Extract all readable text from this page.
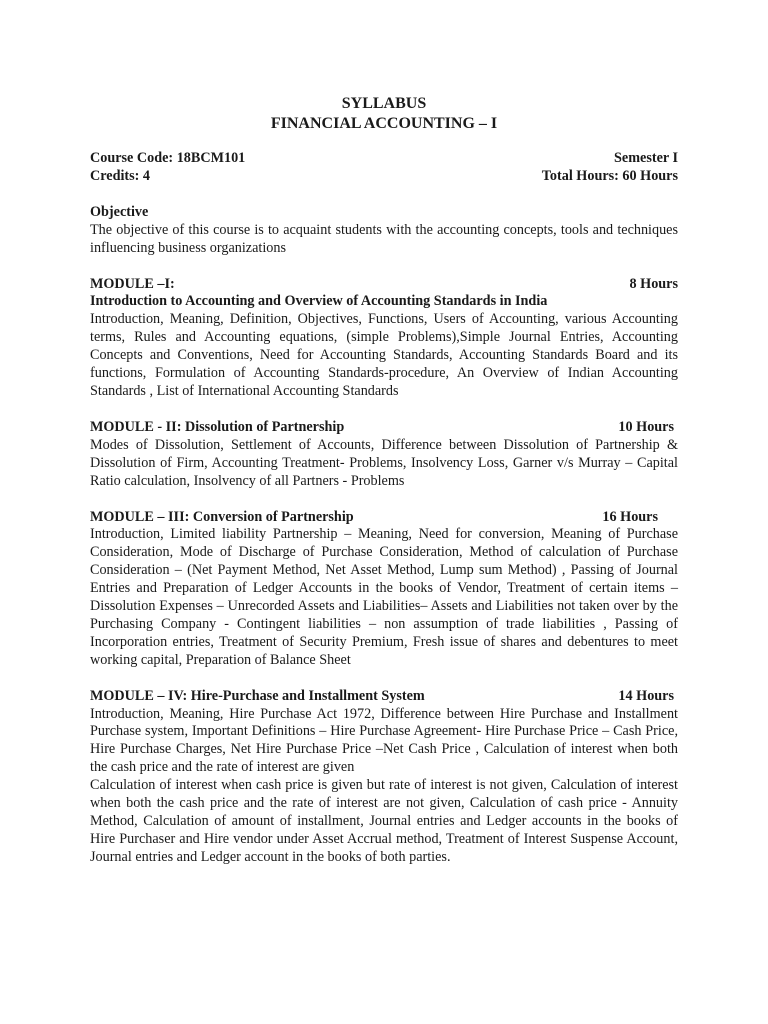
SYLLABUS

FINANCIAL ACCOUNTING – I

Course Code: 18BCM101	Semester I
Credits: 4	Total Hours: 60 Hours

Objective

The objective of this course is to acquaint students with the accounting concepts, tools and techniques influencing business organizations

MODULE –I:	8 Hours

Introduction to Accounting and Overview of Accounting Standards in India

Introduction, Meaning, Definition, Objectives, Functions, Users of Accounting, various Accounting terms, Rules and Accounting equations, (simple Problems),Simple Journal Entries, Accounting Concepts and Conventions, Need for Accounting Standards, Accounting Standards Board and its functions, Formulation of Accounting Standards-procedure, An Overview of Indian Accounting Standards , List of International Accounting Standards

MODULE - II: Dissolution of Partnership	10 Hours

Modes of Dissolution, Settlement of Accounts, Difference between Dissolution of Partnership & Dissolution of Firm, Accounting Treatment- Problems, Insolvency Loss, Garner v/s Murray – Capital Ratio calculation, Insolvency of all Partners - Problems

MODULE – III: Conversion of Partnership	16 Hours

Introduction, Limited liability Partnership – Meaning, Need for conversion, Meaning of Purchase Consideration, Mode of Discharge of Purchase Consideration, Method of calculation of Purchase Consideration – (Net Payment Method, Net Asset Method, Lump sum Method) , Passing of Journal Entries and Preparation of Ledger Accounts in the books of Vendor, Treatment of certain items – Dissolution Expenses – Unrecorded Assets and Liabilities– Assets and Liabilities not taken over by the Purchasing Company - Contingent liabilities – non assumption of trade liabilities , Passing of Incorporation entries, Treatment of Security Premium, Fresh issue of shares and debentures to meet working capital, Preparation of Balance Sheet

MODULE – IV: Hire-Purchase and Installment System	14 Hours

Introduction, Meaning, Hire Purchase Act 1972, Difference between Hire Purchase and Installment Purchase system, Important Definitions – Hire Purchase Agreement- Hire Purchase Price – Cash Price, Hire Purchase Charges, Net Hire Purchase Price –Net Cash Price , Calculation of interest when both the cash price and the rate of interest are given

Calculation of interest when cash price is given but rate of interest is not given, Calculation of interest when both the cash price and the rate of interest are not given, Calculation of cash price - Annuity Method, Calculation of amount of installment, Journal entries and Ledger accounts in the books of Hire Purchaser and Hire vendor under Asset Accrual method, Treatment of Interest Suspense Account, Journal entries and Ledger account in the books of both parties.
